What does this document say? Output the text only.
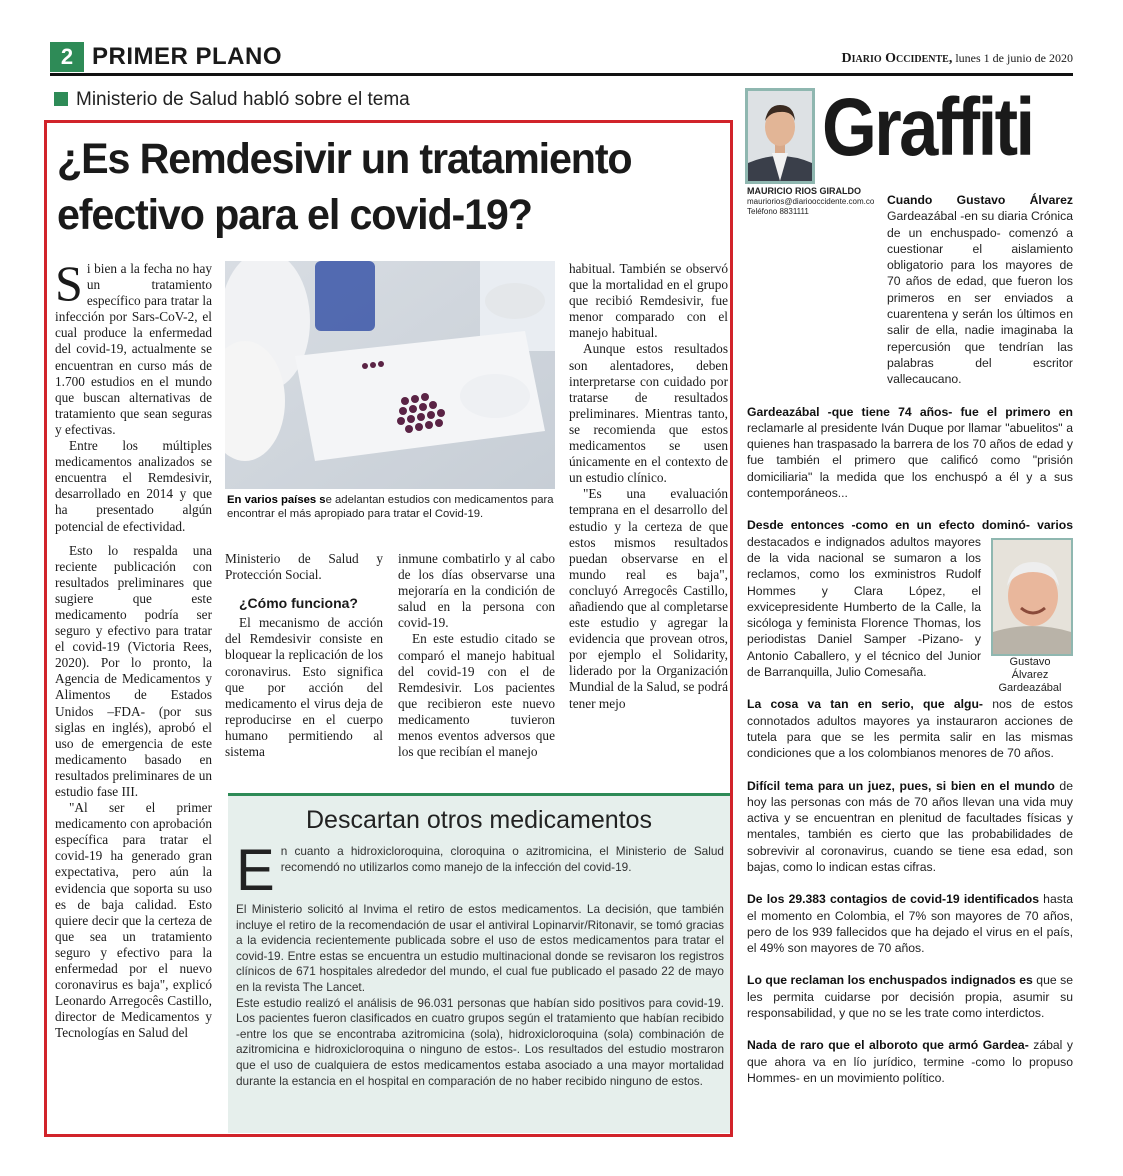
2 PRIMER PLANO	Diario Occidente, lunes 1 de junio de 2020
Ministerio de Salud habló sobre el tema
¿Es Remdesivir un tratamiento
efectivo para el covid-19?

Si bien a la fecha no hay un tratamiento específico para tratar la infección por Sars-CoV-2, el cual produce la enfermedad del covid-19, actualmente se encuentran en curso más de 1.700 estudios en el mundo que buscan alternativas de tratamiento que sean seguras y efectivas.

Entre los múltiples medicamentos analizados se encuentra el Remdesivir, desarrollado en 2014 y que ha presentado algún potencial de efectividad.

Esto lo respalda una reciente publicación con resultados preliminares que sugiere que este medicamento podría ser seguro y efectivo para tratar el covid-19 (Victoria Rees, 2020). Por lo pronto, la Agencia de Medicamentos y Alimentos de Estados Unidos –FDA- (por sus siglas en inglés), aprobó el uso de emergencia de este medicamento basado en resultados preliminares de un estudio fase III.

"Al ser el primer medicamento con aprobación específica para tratar el covid-19 ha generado gran expectativa, pero aún la evidencia que soporta su uso es de baja calidad. Esto quiere decir que la certeza de que sea un tratamiento seguro y efectivo para la enfermedad por el nuevo coronavirus es baja", explicó Leonardo Arregocês Castillo, director de Medicamentos y Tecnologías en Salud del

En varios países se adelantan estudios con medicamentos para encontrar el más apropiado para tratar el Covid-19.

Ministerio de Salud y Protección Social.

¿Cómo funciona?

El mecanismo de acción del Remdesivir consiste en bloquear la replicación de los coronavirus. Esto significa que por acción del medicamento el virus deja de reproducirse en el cuerpo humano permitiendo al sistema

inmune combatirlo y al cabo de los días observarse una mejoraría en la condición de salud en la persona con covid-19.

En este estudio citado se comparó el manejo habitual del covid-19 con el de Remdesivir. Los pacientes que recibieron este nuevo medicamento tuvieron menos eventos adversos que los que recibían el manejo

habitual. También se observó que la mortalidad en el grupo que recibió Remdesivir, fue menor comparado con el manejo habitual.

Aunque estos resultados son alentadores, deben interpretarse con cuidado por tratarse de resultados preliminares. Mientras tanto, se recomienda que estos medicamentos se usen únicamente en el contexto de un estudio clínico.

"Es una evaluación temprana en el desarrollo del estudio y la certeza de que estos mismos resultados puedan observarse en el mundo real es baja", concluyó Arregocês Castillo, añadiendo que al completarse este estudio y agregar la evidencia que provean otros, por ejemplo el Solidarity, liderado por la Organización Mundial de la Salud, se podrá tener mejo

Descartan otros medicamentos

En cuanto a hidroxicloroquina, cloroquina o azitromicina, el Ministerio de Salud recomendó no utilizarlos como manejo de la infección del covid-19.

El Ministerio solicitó al Invima el retiro de estos medicamentos. La decisión, que también incluye el retiro de la recomendación de usar el antiviral Lopinarvir/Ritonavir, se tomó gracias a la evidencia recientemente publicada sobre el uso de estos medicamentos para tratar el covid-19. Entre estas se encuentra un estudio multinacional donde se revisaron los registros clínicos de 671 hospitales alrededor del mundo, el cual fue publicado el pasado 22 de mayo en la revista The Lancet.

Este estudio realizó el análisis de 96.031 personas que habían sido positivos para covid-19. Los pacientes fueron clasificados en cuatro grupos según el tratamiento que habían recibido -entre los que se encontraba azitromicina (sola), hidroxicloroquina (sola) combinación de azitromicina e hidroxicloroquina o ninguno de estos-. Los resultados del estudio mostraron que el uso de cualquiera de estos medicamentos estaba asociado a una mayor mortalidad durante la estancia en el hospital en comparación de no haber recibido ninguno de estos.

Graffiti
MAURICIO RIOS GIRALDO
mauriorios@diariooccidente.com.co
Teléfono 8831111

Cuando Gustavo Álvarez Gardeazábal -en su diaria Crónica de un enchuspado- comenzó a cuestionar el aislamiento obligatorio para los mayores de 70 años de edad, que fueron los primeros en ser enviados a cuarentena y serán los últimos en salir de ella, nadie imaginaba la repercusión que tendrían las palabras del escritor vallecaucano.

Gardeazábal -que tiene 74 años- fue el primero en reclamarle al presidente Iván Duque por llamar "abuelitos" a quienes han traspasado la barrera de los 70 años de edad y fue también el primero que calificó como "prisión domiciliaria" la medida que los enchuspó a él y a sus contemporáneos...

Desde entonces -como en un efecto dominó- varios
Gustavo
Álvarez
Gardeazábal
destacados e indignados adultos mayores de la vida nacional se sumaron a los reclamos, como los exministros Rudolf Hommes y Clara López, el exvicepresidente Humberto de la Calle, la sicóloga y feminista Florence Thomas, los periodistas Daniel Samper -Pizano- y Antonio Caballero, y el técnico del Junior de Barranquilla, Julio Comesaña.

La cosa va tan en serio, que algu- nos de estos connotados adultos mayores ya instauraron acciones de tutela para que se les permita salir en las mismas condiciones que a los colombianos menores de 70 años.

Difícil tema para un juez, pues, si bien en el mundo de hoy las personas con más de 70 años llevan una vida muy activa y se encuentran en plenitud de facultades físicas y mentales, también es cierto que las probabilidades de sobrevivir al coronavirus, cuando se tiene esa edad, son bajas, como lo indican estas cifras.

De los 29.383 contagios de covid-19 identificados hasta el momento en Colombia, el 7% son mayores de 70 años, pero de los 939 fallecidos que ha dejado el virus en el país, el 49% son mayores de 70 años.

Lo que reclaman los enchuspados indignados es que se les permita cuidarse por decisión propia, asumir su responsabilidad, y que no se les trate como interdictos.

Nada de raro que el alboroto que armó Gardea- zábal y que ahora va en lío jurídico, termine -como lo propuso Hommes- en un movimiento político.
